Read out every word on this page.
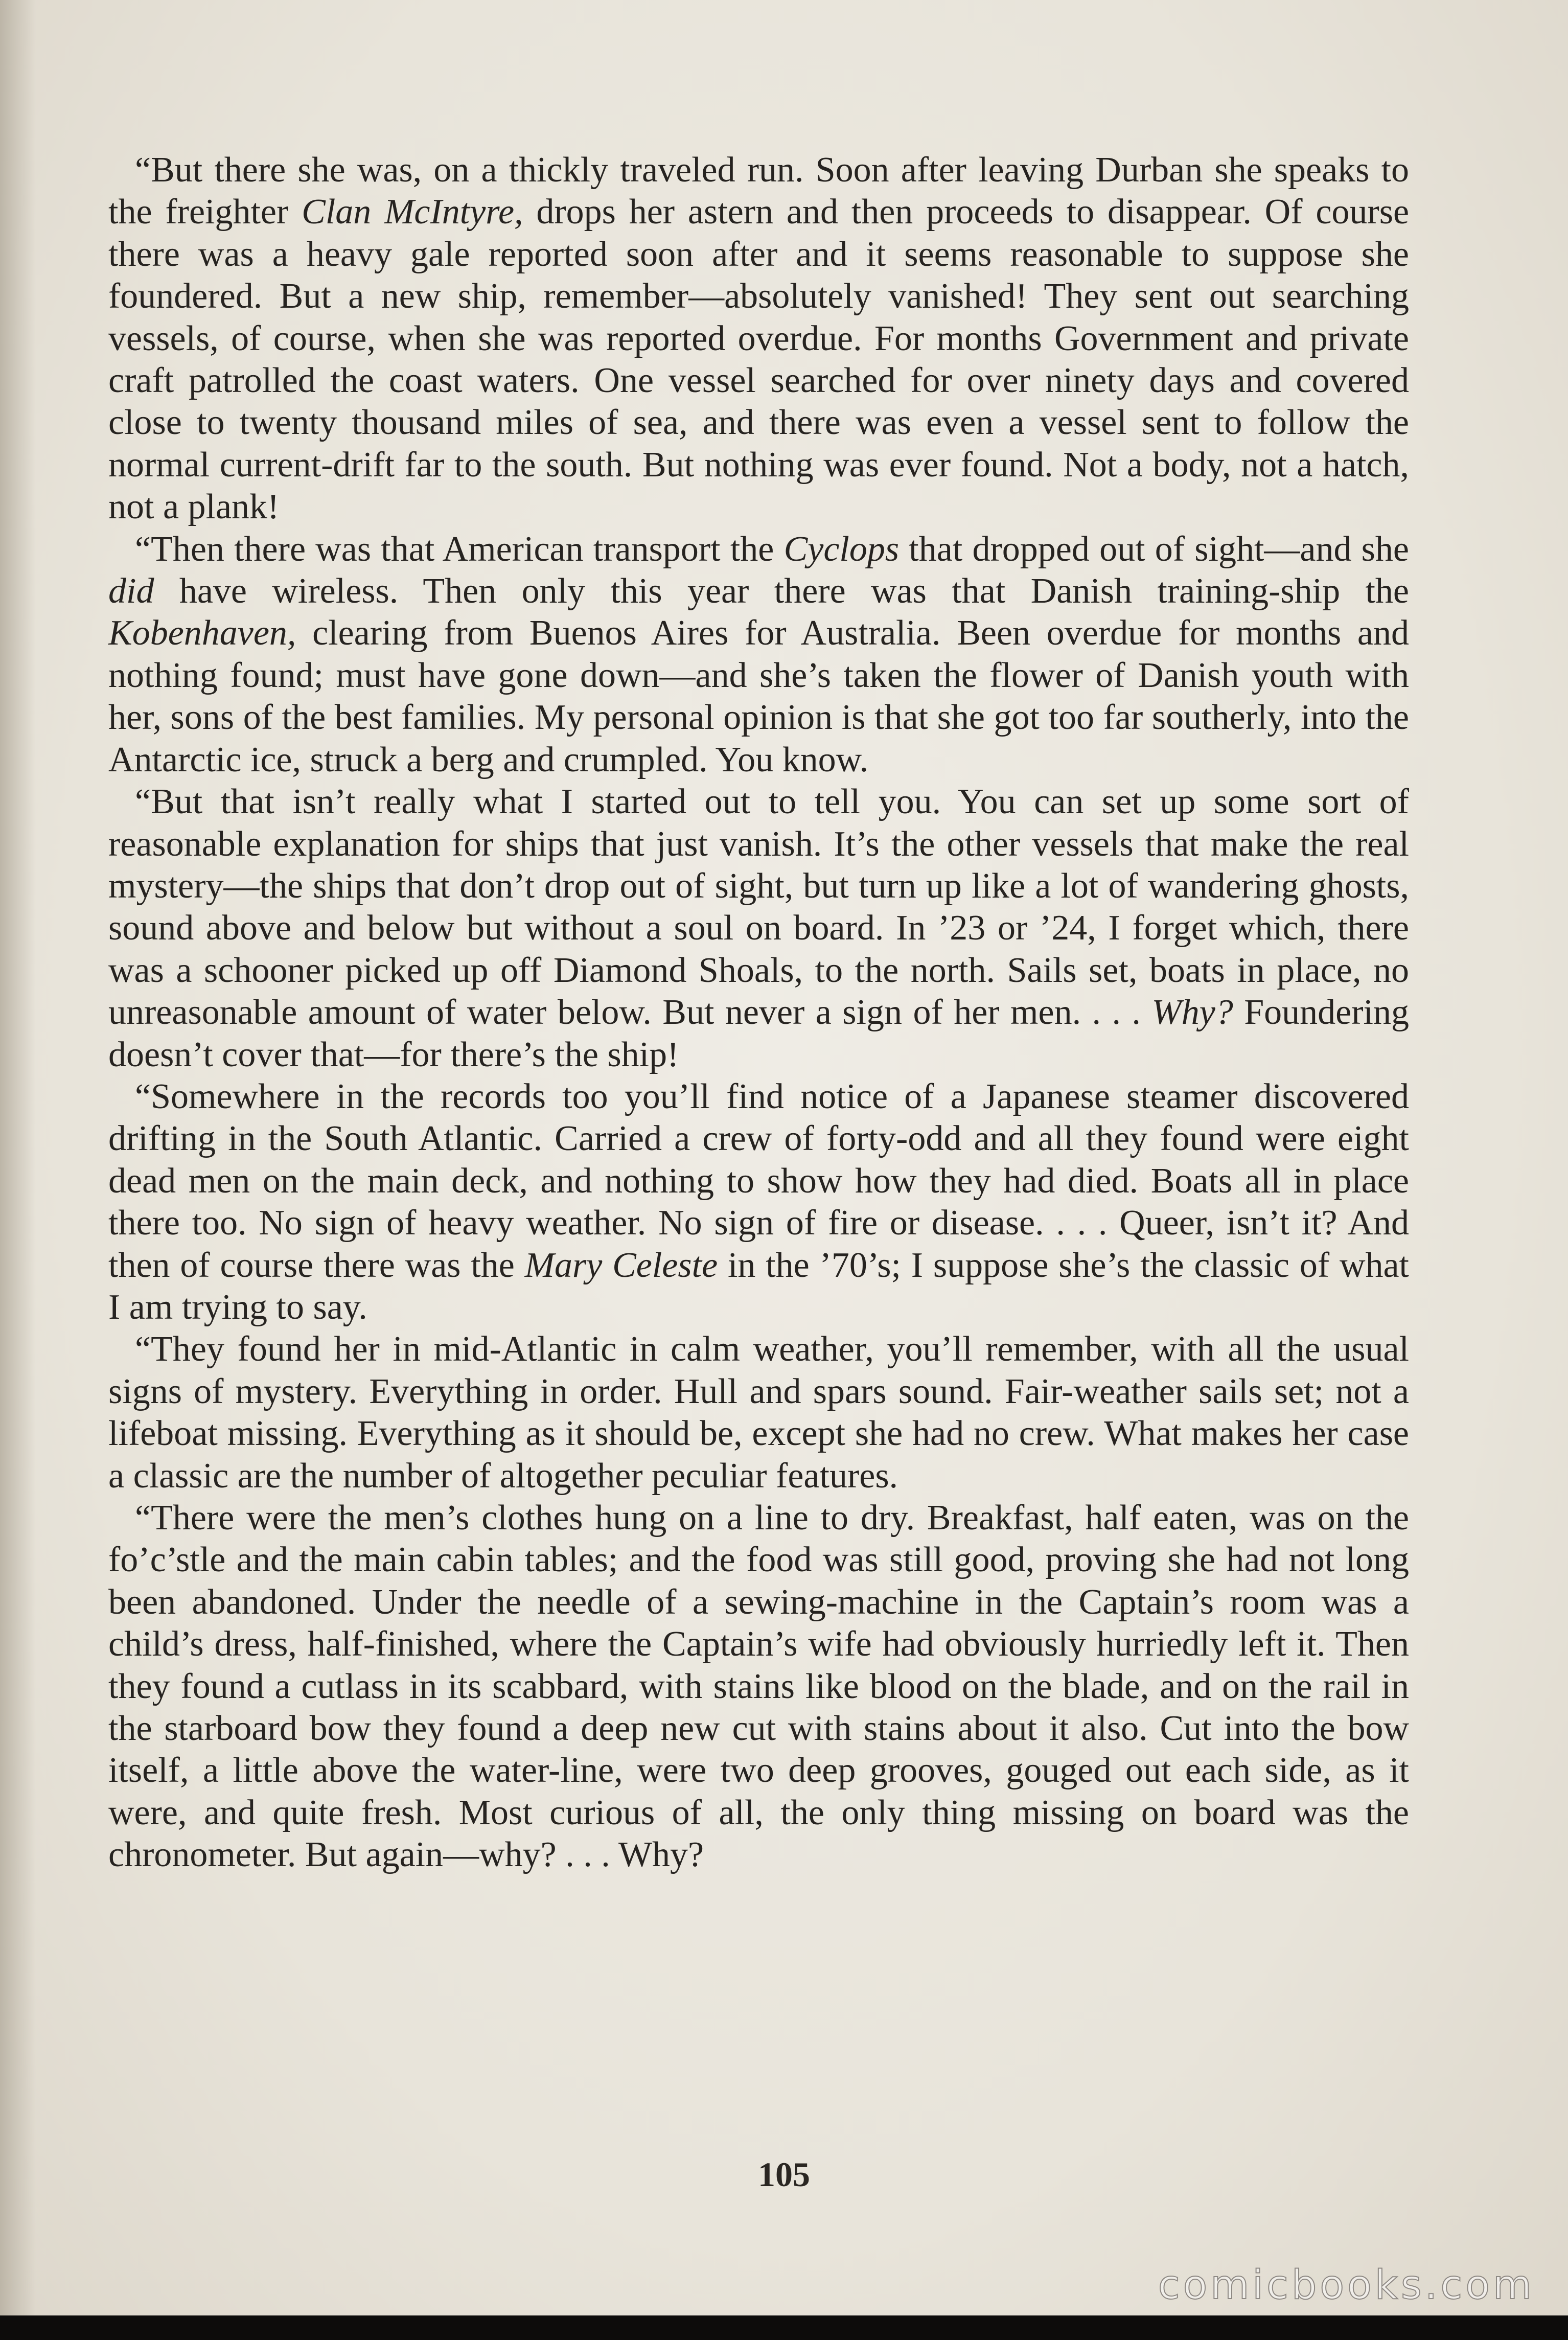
“But there she was, on a thickly traveled run. Soon after leaving Durban she speaks to the freighter Clan McIntyre, drops her astern and then proceeds to disappear. Of course there was a heavy gale reported soon after and it seems reasonable to suppose she foundered. But a new ship, remember—absolutely vanished! They sent out searching vessels, of course, when she was reported overdue. For months Government and private craft patrolled the coast waters. One vessel searched for over ninety days and covered close to twenty thousand miles of sea, and there was even a vessel sent to follow the normal current-drift far to the south. But nothing was ever found. Not a body, not a hatch, not a plank!

“Then there was that American transport the Cyclops that dropped out of sight—and she did have wireless. Then only this year there was that Danish training-ship the Kobenhaven, clearing from Buenos Aires for Australia. Been overdue for months and nothing found; must have gone down—and she’s taken the flower of Danish youth with her, sons of the best families. My personal opinion is that she got too far southerly, into the Antarctic ice, struck a berg and crumpled. You know.

“But that isn’t really what I started out to tell you. You can set up some sort of reasonable explanation for ships that just vanish. It’s the other vessels that make the real mystery—the ships that don’t drop out of sight, but turn up like a lot of wandering ghosts, sound above and below but without a soul on board. In ’23 or ’24, I forget which, there was a schooner picked up off Diamond Shoals, to the north. Sails set, boats in place, no unreasonable amount of water below. But never a sign of her men. . . . Why? Foundering doesn’t cover that—for there’s the ship!

“Somewhere in the records too you’ll find notice of a Japanese steamer discovered drifting in the South Atlantic. Carried a crew of forty-odd and all they found were eight dead men on the main deck, and nothing to show how they had died. Boats all in place there too. No sign of heavy weather. No sign of fire or disease. . . . Queer, isn’t it? And then of course there was the Mary Celeste in the ’70’s; I suppose she’s the classic of what I am trying to say.

“They found her in mid-Atlantic in calm weather, you’ll remember, with all the usual signs of mystery. Everything in order. Hull and spars sound. Fair-weather sails set; not a lifeboat missing. Everything as it should be, except she had no crew. What makes her case a classic are the number of altogether peculiar features.

“There were the men’s clothes hung on a line to dry. Breakfast, half eaten, was on the fo’c’stle and the main cabin tables; and the food was still good, proving she had not long been abandoned. Under the needle of a sewing-machine in the Captain’s room was a child’s dress, half-finished, where the Captain’s wife had obviously hurriedly left it. Then they found a cutlass in its scabbard, with stains like blood on the blade, and on the rail in the starboard bow they found a deep new cut with stains about it also. Cut into the bow itself, a little above the water-line, were two deep grooves, gouged out each side, as it were, and quite fresh. Most curious of all, the only thing missing on board was the chronometer. But again—why? . . . Why?

105
comicbooks.com
